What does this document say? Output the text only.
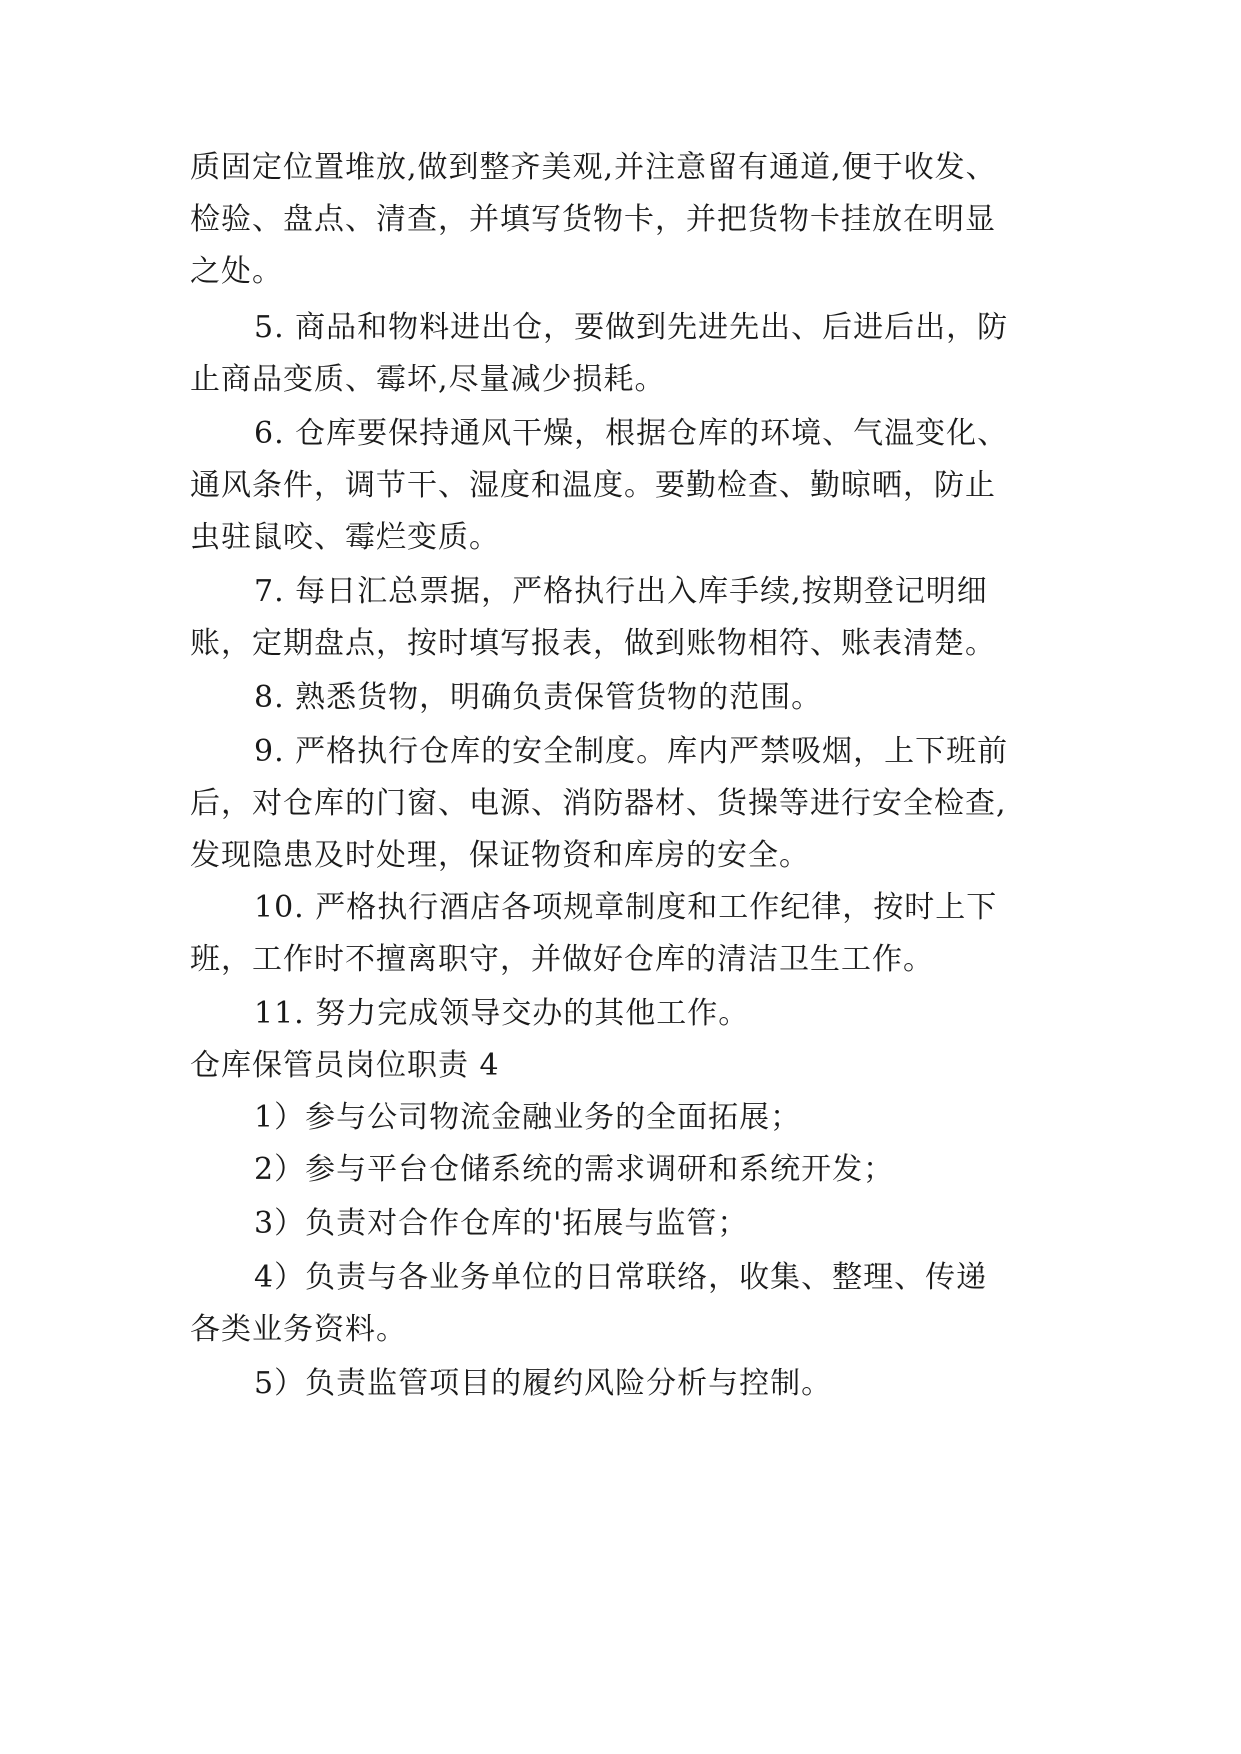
质固定位置堆放,做到整齐美观,并注意留有通道,便于收发、
检验、盘点、清查，并填写货物卡，并把货物卡挂放在明显
之处。
5. 商品和物料进出仓，要做到先进先出、后进后出，防
止商品变质、霉坏,尽量减少损耗。
6. 仓库要保持通风干燥，根据仓库的环境、气温变化、
通风条件，调节干、湿度和温度。要勤检查、勤晾晒，防止
虫驻鼠咬、霉烂变质。
7. 每日汇总票据，严格执行出入库手续,按期登记明细
账，定期盘点，按时填写报表，做到账物相符、账表清楚。
8. 熟悉货物，明确负责保管货物的范围。
9. 严格执行仓库的安全制度。库内严禁吸烟，上下班前
后，对仓库的门窗、电源、消防器材、货操等进行安全检查,
发现隐患及时处理，保证物资和库房的安全。
10. 严格执行酒店各项规章制度和工作纪律，按时上下
班，工作时不擅离职守，并做好仓库的清洁卫生工作。
11. 努力完成领导交办的其他工作。
仓库保管员岗位职责 4
1）参与公司物流金融业务的全面拓展；
2）参与平台仓储系统的需求调研和系统开发；
3）负责对合作仓库的'拓展与监管；
4）负责与各业务单位的日常联络，收集、整理、传递
各类业务资料。
5）负责监管项目的履约风险分析与控制。
